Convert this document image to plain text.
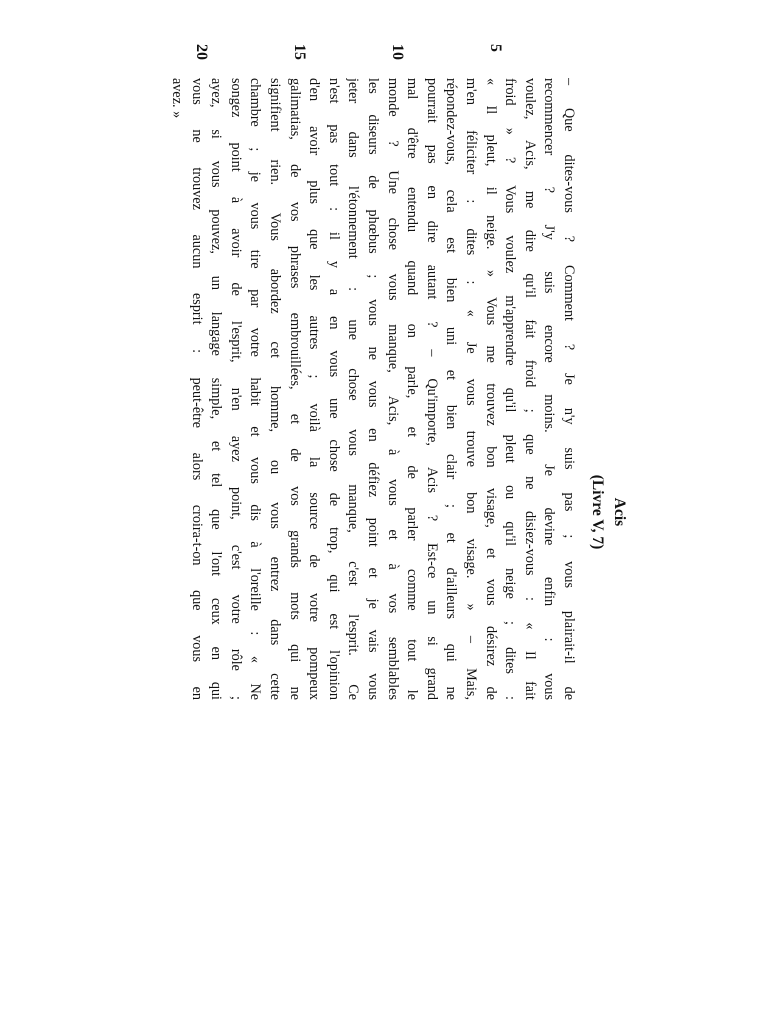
Acis
(Livre V, 7)
5
10
15
20
– Que dites-vous ? Comment ? Je n'y suis pas ; vous plairait-il de
recommencer ? J'y suis encore moins. Je devine enfin : vous
voulez, Acis, me dire qu'il fait froid ; que ne disiez-vous : « Il fait
froid » ? Vous voulez m'apprendre qu'il pleut ou qu'il neige ; dites :
« Il pleut, il neige. » Vous me trouvez bon visage, et vous désirez de
m'en féliciter : dites : « Je vous trouve bon visage. » – Mais,
répondez-vous, cela est bien uni et bien clair ; et d'ailleurs qui ne
pourrait pas en dire autant ? – Qu'importe, Acis ? Est-ce un si grand
mal d'être entendu quand on parle, et de parler comme tout le
monde ? Une chose vous manque, Acis, à vous et à vos semblables
les diseurs de phœbus ; vous ne vous en défiez point et je vais vous
jeter dans l'étonnement : une chose vous manque, c'est l'esprit. Ce
n'est pas tout : il y a en vous une chose de trop, qui est l'opinion
d'en avoir plus que les autres ; voilà la source de votre pompeux
galimatias, de vos phrases embrouillées, et de vos grands mots qui ne
signifient rien. Vous abordez cet homme, ou vous entrez dans cette
chambre ; je vous tire par votre habit et vous dis à l'oreille : « Ne
songez point à avoir de l'esprit, n'en ayez point, c'est votre rôle ;
ayez, si vous pouvez, un langage simple, et tel que l'ont ceux en qui
vous ne trouvez aucun esprit : peut-être alors croira-t-on que vous en
avez. »
